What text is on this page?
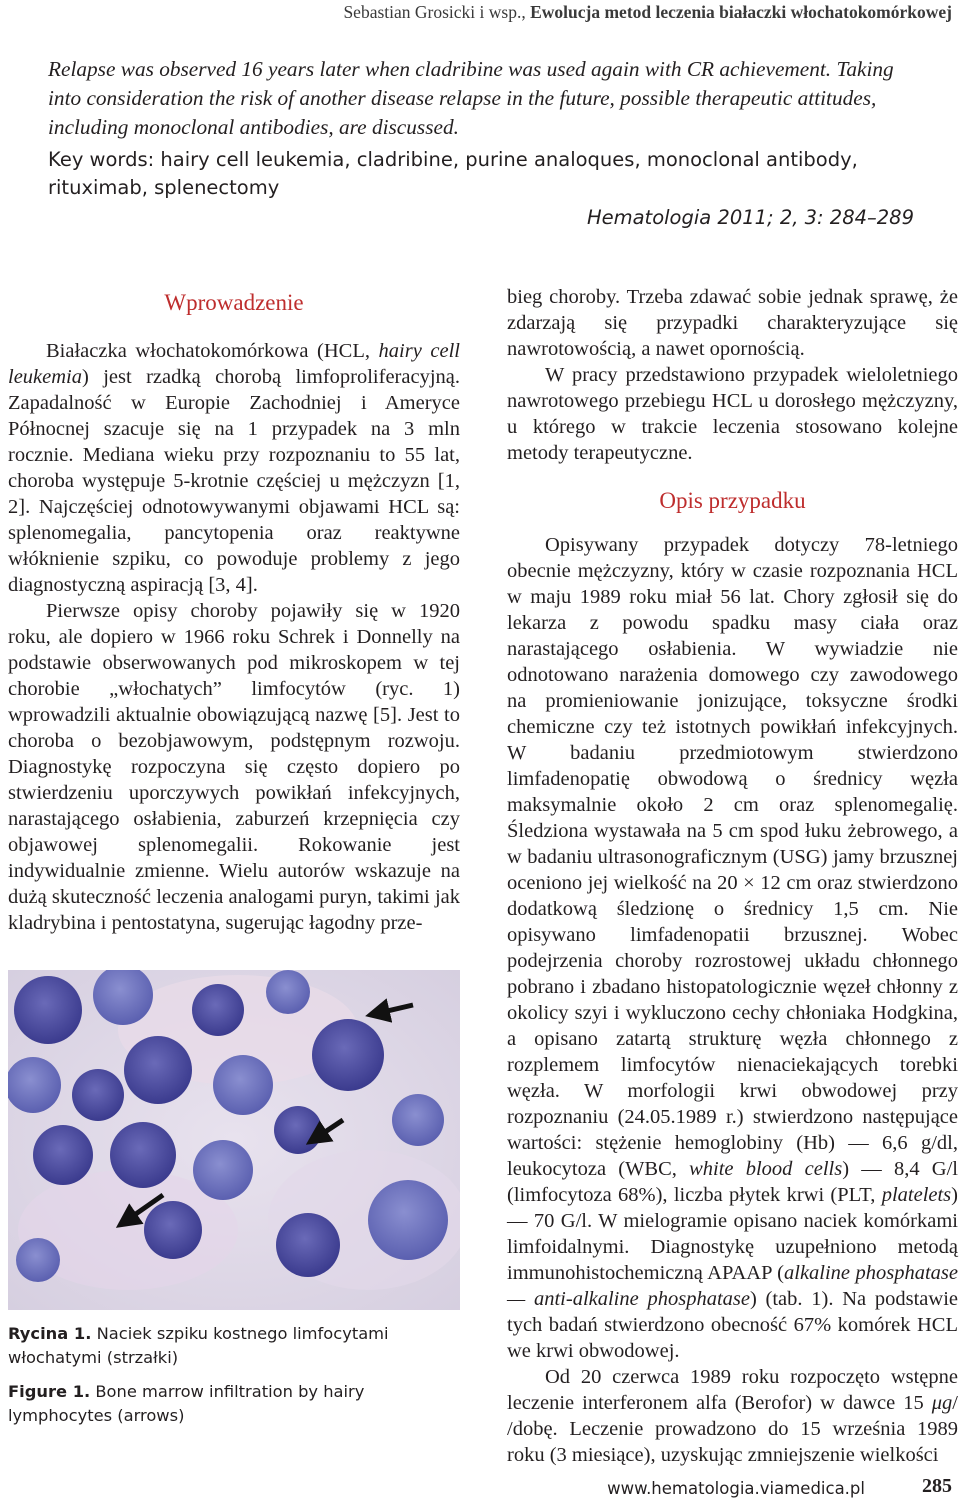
Sebastian Grosicki i wsp., Ewolucja metod leczenia białaczki włochatokomórkowej
Relapse was observed 16 years later when cladribine was used again with CR achievement. Taking into consideration the risk of another disease relapse in the future, possible therapeutic attitudes, including monoclonal antibodies, are discussed.
Key words: hairy cell leukemia, cladribine, purine analoques, monoclonal antibody, rituximab, splenectomy
Hematologia 2011; 2, 3: 284–289
Wprowadzenie

Białaczka włochatokomórkowa (HCL, hairy cell leukemia) jest rzadką chorobą limfoproliferacyjną. Zapadalność w Europie Zachodniej i Ameryce Północnej szacuje się na 1 przypadek na 3 mln rocznie. Mediana wieku przy rozpoznaniu to 55 lat, choroba występuje 5-krotnie częściej u mężczyzn [1, 2]. Najczęściej odnotowywanymi objawami HCL są: splenomegalia, pancytopenia oraz reaktywne włóknienie szpiku, co powoduje problemy z jego diagnostyczną aspiracją [3, 4].

Pierwsze opisy choroby pojawiły się w 1920 roku, ale dopiero w 1966 roku Schrek i Donnelly na podstawie obserwowanych pod mikroskopem w tej chorobie „włochatych” limfocytów (ryc. 1) wprowadzili aktualnie obowiązującą nazwę [5]. Jest to choroba o bezobjawowym, podstępnym rozwoju. Diagnostykę rozpoczyna się często dopiero po stwierdzeniu uporczywych powikłań infekcyjnych, narastającego osłabienia, zaburzeń krzepnięcia czy objawowej splenomegalii. Rokowanie jest indywidualnie zmienne. Wielu autorów wskazuje na dużą skuteczność leczenia analogami puryn, takimi jak kladrybina i pentostatyna, sugerując łagodny prze-

Rycina 1. Naciek szpiku kostnego limfocytami włochatymi (strzałki)

Figure 1. Bone marrow infiltration by hairy lymphocytes (arrows)

bieg choroby. Trzeba zdawać sobie jednak sprawę, że zdarzają się przypadki charakteryzujące się nawrotowością, a nawet opornością.

W pracy przedstawiono przypadek wieloletniego nawrotowego przebiegu HCL u dorosłego mężczyzny, u którego w trakcie leczenia stosowano kolejne metody terapeutyczne.

Opis przypadku

Opisywany przypadek dotyczy 78-letniego obecnie mężczyzny, który w czasie rozpoznania HCL w maju 1989 roku miał 56 lat. Chory zgłosił się do lekarza z powodu spadku masy ciała oraz narastającego osłabienia. W wywiadzie nie odnotowano narażenia domowego czy zawodowego na promieniowanie jonizujące, toksyczne środki chemiczne czy też istotnych powikłań infekcyjnych. W badaniu przedmiotowym stwierdzono limfadenopatię obwodową o średnicy węzła maksymalnie około 2 cm oraz splenomegalię. Śledziona wystawała na 5 cm spod łuku żebrowego, a w badaniu ultrasonograficznym (USG) jamy brzusznej oceniono jej wielkość na 20 × 12 cm oraz stwierdzono dodatkową śledzionę o średnicy 1,5 cm. Nie opisywano limfadenopatii brzusznej. Wobec podejrzenia choroby rozrostowej układu chłonnego pobrano i zbadano histopatologicznie węzeł chłonny z okolicy szyi i wykluczono cechy chłoniaka Hodgkina, a opisano zatartą strukturę węzła chłonnego z rozplemem limfocytów nienaciekających torebki węzła. W morfologii krwi obwodowej przy rozpoznaniu (24.05.1989 r.) stwierdzono następujące wartości: stężenie hemoglobiny (Hb) — 6,6 g/dl, leukocytoza (WBC, white blood cells) — 8,4 G/l (limfocytoza 68%), liczba płytek krwi (PLT, platelets) — 70 G/l. W mielogramie opisano naciek komórkami limfoidalnymi. Diagnostykę uzupełniono metodą immunohistochemiczną APAAP (alkaline phosphatase — anti-alkaline phosphatase) (tab. 1). Na podstawie tych badań stwierdzono obecność 67% komórek HCL we krwi obwodowej.

Od 20 czerwca 1989 roku rozpoczęto wstępne leczenie interferonem alfa (Berofor) w dawce 15 μg/ /dobę. Leczenie prowadzono do 15 września 1989 roku (3 miesiące), uzyskując zmniejszenie wielkości

www.hematologia.viamedica.pl	285
